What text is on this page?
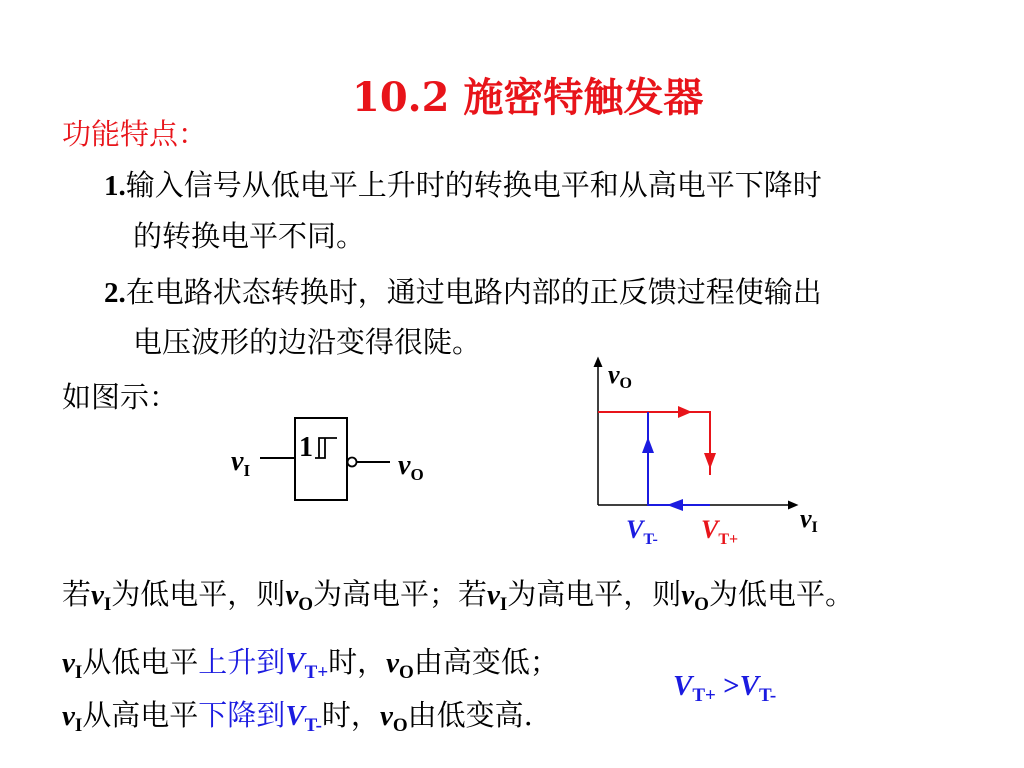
10.2 施密特触发器
功能特点：
1.输入信号从低电平上升时的转换电平和从高电平下降时
的转换电平不同。
2.在电路状态转换时，通过电路内部的正反馈过程使输出
电压波形的边沿变得很陡。
如图示：
1
$v_I$	$v_O$
vO
vI
$V_{T-}$ $V_{T+}$
若$v_I$为低电平，则$v_O$为高电平；若$v_I$为高电平，则$v_O$为低电平。
$v_I$从低电平上升到$V_{T+}$时，$v_O$由高变低；
$v_I$从高电平下降到$V_{T-}$时，$v_O$由低变高.
$V_{T+} >V_{T-}$
